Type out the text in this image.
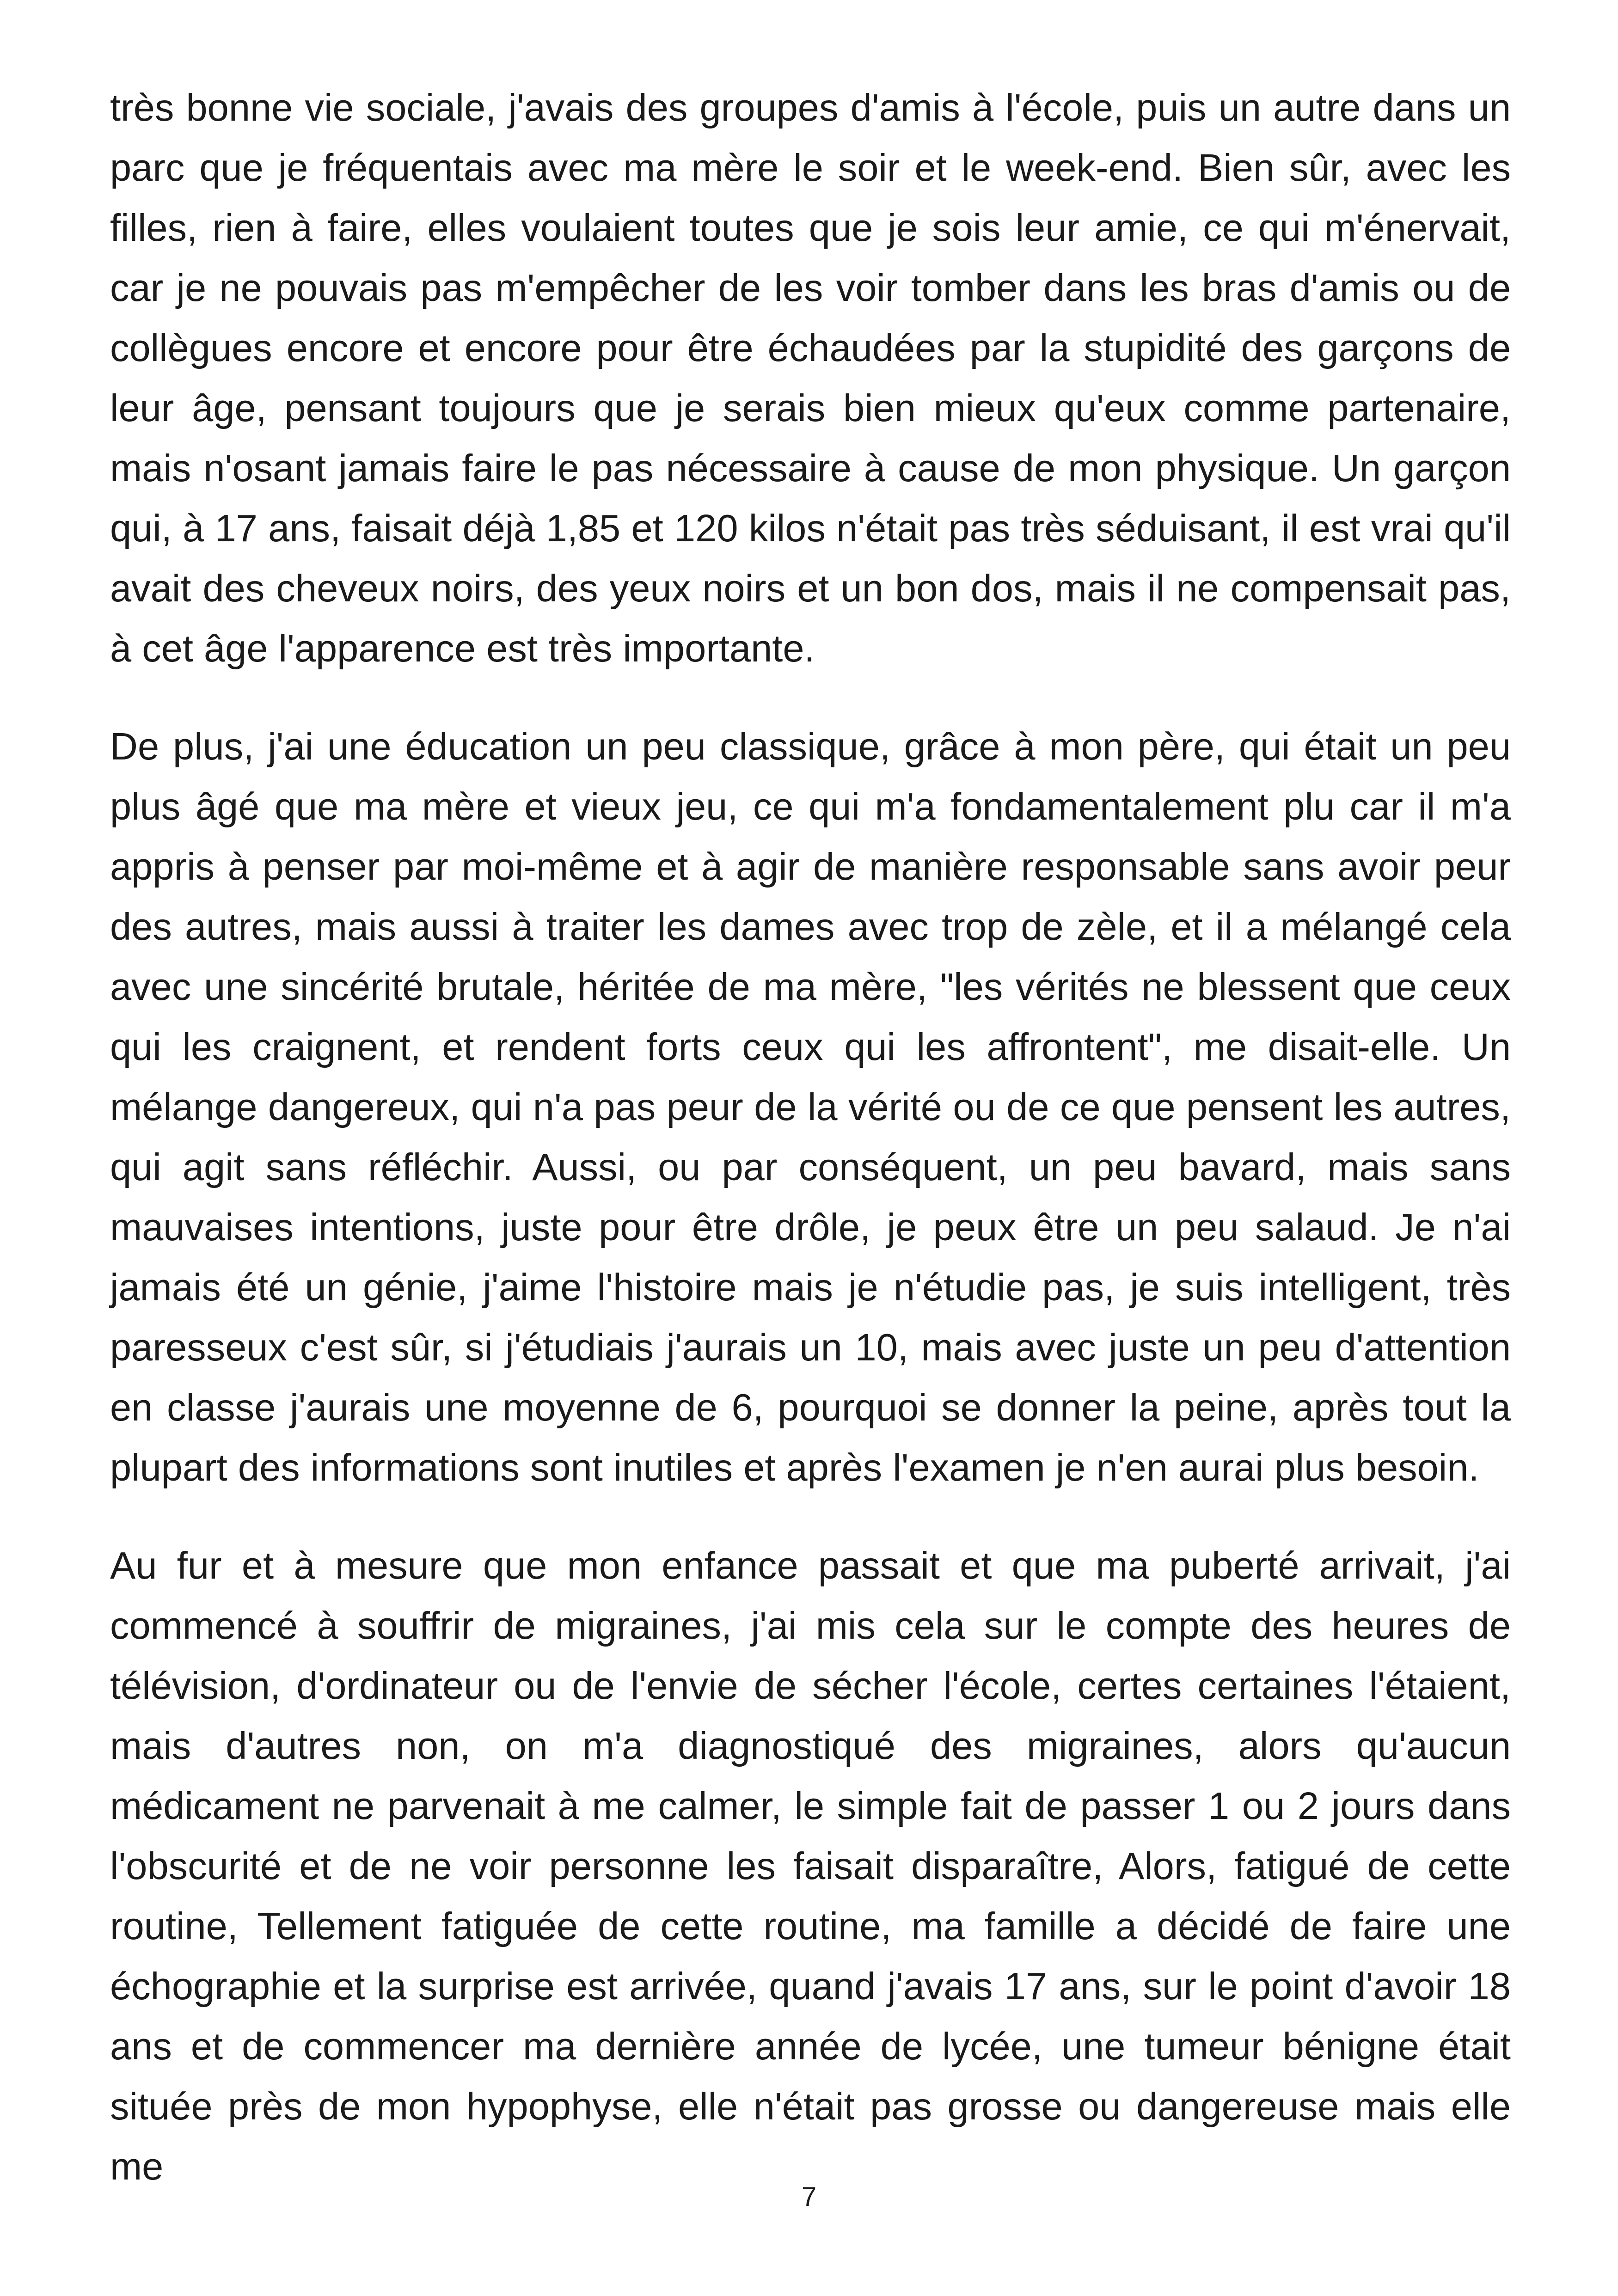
très bonne vie sociale, j'avais des groupes d'amis à l'école, puis un autre dans un parc que je fréquentais avec ma mère le soir et le week-end. Bien sûr, avec les filles, rien à faire, elles voulaient toutes que je sois leur amie, ce qui m'énervait, car je ne pouvais pas m'empêcher de les voir tomber dans les bras d'amis ou de collègues encore et encore pour être échaudées par la stupidité des garçons de leur âge, pensant toujours que je serais bien mieux qu'eux comme partenaire, mais n'osant jamais faire le pas nécessaire à cause de mon physique. Un garçon qui, à 17 ans, faisait déjà 1,85 et 120 kilos n'était pas très séduisant, il est vrai qu'il avait des cheveux noirs, des yeux noirs et un bon dos, mais il ne compensait pas, à cet âge l'apparence est très importante.

De plus, j'ai une éducation un peu classique, grâce à mon père, qui était un peu plus âgé que ma mère et vieux jeu, ce qui m'a fondamentalement plu car il m'a appris à penser par moi-même et à agir de manière responsable sans avoir peur des autres, mais aussi à traiter les dames avec trop de zèle, et il a mélangé cela avec une sincérité brutale, héritée de ma mère, "les vérités ne blessent que ceux qui les craignent, et rendent forts ceux qui les affrontent", me disait-elle. Un mélange dangereux, qui n'a pas peur de la vérité ou de ce que pensent les autres, qui agit sans réfléchir. Aussi, ou par conséquent, un peu bavard, mais sans mauvaises intentions, juste pour être drôle, je peux être un peu salaud. Je n'ai jamais été un génie, j'aime l'histoire mais je n'étudie pas, je suis intelligent, très paresseux c'est sûr, si j'étudiais j'aurais un 10, mais avec juste un peu d'attention en classe j'aurais une moyenne de 6, pourquoi se donner la peine, après tout la plupart des informations sont inutiles et après l'examen je n'en aurai plus besoin.

Au fur et à mesure que mon enfance passait et que ma puberté arrivait, j'ai commencé à souffrir de migraines, j'ai mis cela sur le compte des heures de télévision, d'ordinateur ou de l'envie de sécher l'école, certes certaines l'étaient, mais d'autres non, on m'a diagnostiqué des migraines, alors qu'aucun médicament ne parvenait à me calmer, le simple fait de passer 1 ou 2 jours dans l'obscurité et de ne voir personne les faisait disparaître, Alors, fatigué de cette routine, Tellement fatiguée de cette routine, ma famille a décidé de faire une échographie et la surprise est arrivée, quand j'avais 17 ans, sur le point d'avoir 18 ans et de commencer ma dernière année de lycée, une tumeur bénigne était située près de mon hypophyse, elle n'était pas grosse ou dangereuse mais elle me

7
